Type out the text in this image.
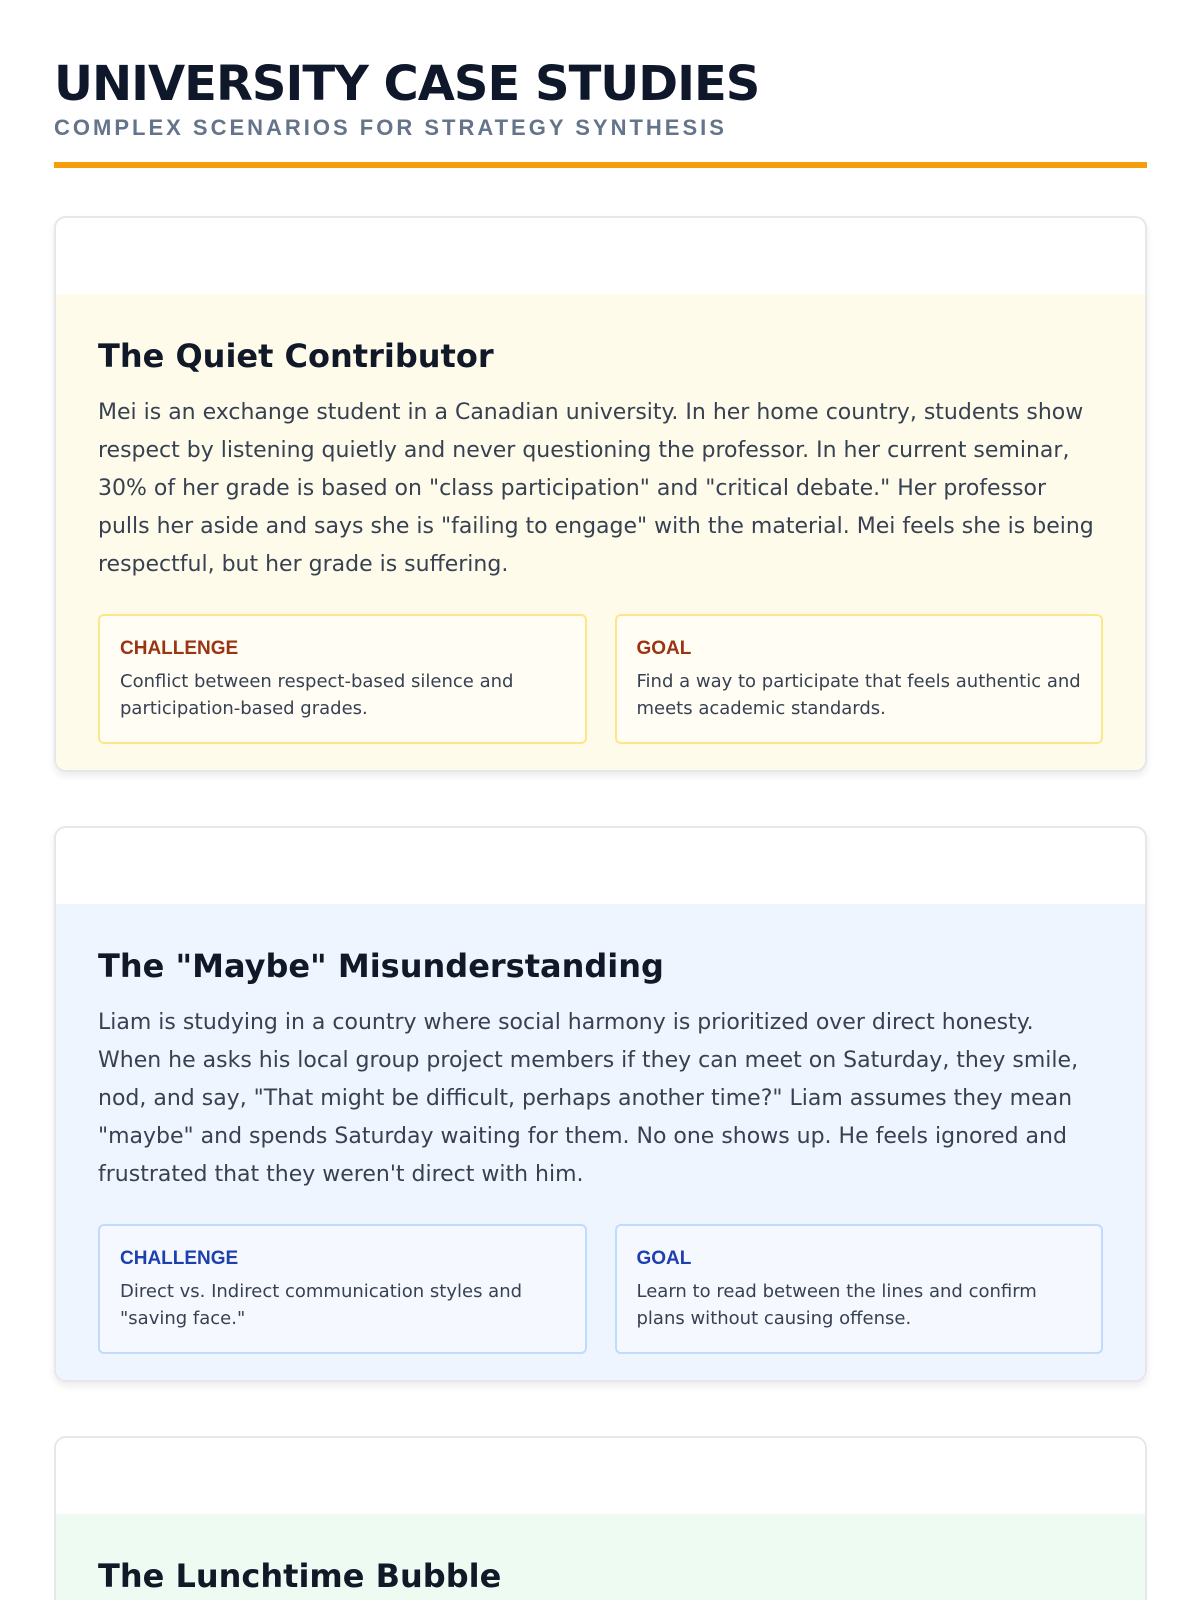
UNIVERSITY CASE STUDIES
COMPLEX SCENARIOS FOR STRATEGY SYNTHESIS
The Quiet Contributor

Mei is an exchange student in a Canadian university. In her home country, students show respect by listening quietly and never questioning the professor. In her current seminar, 30% of her grade is based on "class participation" and "critical debate." Her professor pulls her aside and says she is "failing to engage" with the material. Mei feels she is being respectful, but her grade is suffering.

CHALLENGE
Conflict between respect-based silence and participation-based grades.
GOAL
Find a way to participate that feels authentic and meets academic standards.
The "Maybe" Misunderstanding

Liam is studying in a country where social harmony is prioritized over direct honesty. When he asks his local group project members if they can meet on Saturday, they smile, nod, and say, "That might be difficult, perhaps another time?" Liam assumes they mean "maybe" and spends Saturday waiting for them. No one shows up. He feels ignored and frustrated that they weren't direct with him.

CHALLENGE
Direct vs. Indirect communication styles and "saving face."
GOAL
Learn to read between the lines and confirm plans without causing offense.
The Lunchtime Bubble
